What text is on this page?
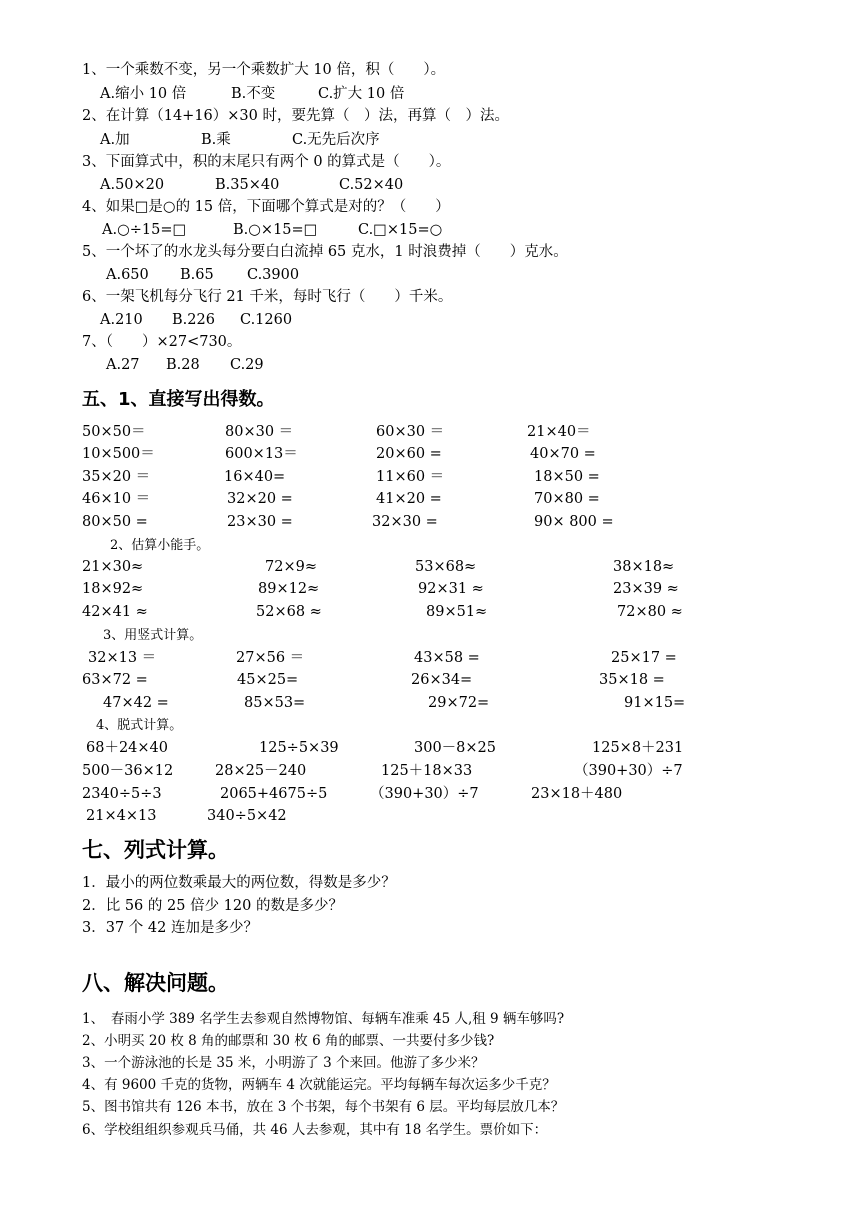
1、一个乘数不变，另一个乘数扩大 10 倍，积（　　）。
A.缩小 10 倍	B.不变	C.扩大 10 倍
2、在计算（14+16）×30 时，要先算（　）法，再算（　）法。
A.加	B.乘	C.无先后次序
3、下面算式中，积的末尾只有两个 0 的算式是（　　）。
A.50×20	B.35×40	C.52×40
4、如果□是○的 15 倍，下面哪个算式是对的？（　　）
A.○÷15=□	B.○×15=□	C.□×15=○
5、一个坏了的水龙头每分要白白流掉 65 克水，1 时浪费掉（　　）克水。
A.650 B.65 C.3900
6、一架飞机每分飞行 21 千米，每时飞行（　　）千米。
A.210 B.226 C.1260
7、（　　）×27<730。
A.27 B.28 C.29
五、1、直接写出得数。
50×50＝	80×30 ＝	60×30 ＝	21×40＝
10×500＝	600×13＝	20×60 =	40×70 =
35×20 ＝	16×40=	11×60 ＝	18×50 =
46×10 ＝	32×20 =	41×20 =	70×80 =
80×50 =	23×30 =	32×30 =	90× 800 =
2、估算小能手。
21×30≈	72×9≈	53×68≈	38×18≈
18×92≈	89×12≈	92×31 ≈	23×39 ≈
42×41 ≈	52×68 ≈	89×51≈	72×80 ≈
3、用竖式计算。
32×13 ＝	27×56 ＝	43×58 =	25×17 =
63×72 =	45×25=	26×34=	35×18 =
47×42 =	85×53=	29×72=	91×15=
4、脱式计算。
68＋24×40	125÷5×39	300－8×25	125×8＋231
500－36×12	28×25－240	125＋18×33	（390+30）÷7
2340÷5÷3	2065+4675÷5	（390+30）÷7	23×18＋480
21×4×13	340÷5×42
七、列式计算。
1．最小的两位数乘最大的两位数，得数是多少？
2．比 56 的 25 倍少 120 的数是多少？
3．37 个 42 连加是多少？
八、解决问题。
1、　春雨小学 389 名学生去参观自然博物馆、每辆车准乘 45 人,租 9 辆车够吗?
2、小明买 20 枚 8 角的邮票和 30 枚 6 角的邮票、一共要付多少钱?
3、一个游泳池的长是 35 米，小明游了 3 个来回。他游了多少米？
4、有 9600 千克的货物，两辆车 4 次就能运完。平均每辆车每次运多少千克？
5、图书馆共有 126 本书，放在 3 个书架，每个书架有 6 层。平均每层放几本？
6、学校组组织参观兵马俑，共 46 人去参观，其中有 18 名学生。票价如下：
